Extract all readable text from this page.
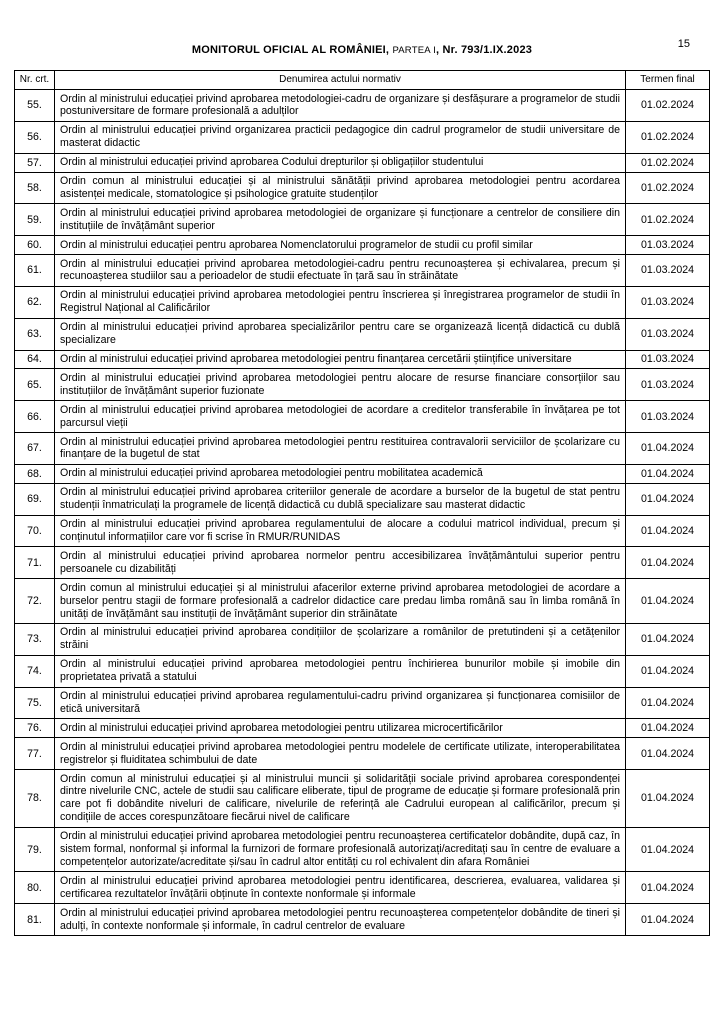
MONITORUL OFICIAL AL ROMÂNIEI, PARTEA I, Nr. 793/1.IX.2023	15
Nr. crt.	Denumirea actului normativ	Termen final
55.	Ordin al ministrului educației privind aprobarea metodologiei-cadru de organizare și desfășurare a programelor de studii postuniversitare de formare profesională a adulților	01.02.2024
56.	Ordin al ministrului educației privind organizarea practicii pedagogice din cadrul programelor de studii universitare de masterat didactic	01.02.2024
57.	Ordin al ministrului educației privind aprobarea Codului drepturilor și obligațiilor studentului	01.02.2024
58.	Ordin comun al ministrului educației și al ministrului sănătății privind aprobarea metodologiei pentru acordarea asistenței medicale, stomatologice și psihologice gratuite studenților	01.02.2024
59.	Ordin al ministrului educației privind aprobarea metodologiei de organizare și funcționare a centrelor de consiliere din instituțiile de învățământ superior	01.02.2024
60.	Ordin al ministrului educației pentru aprobarea Nomenclatorului programelor de studii cu profil similar	01.03.2024
61.	Ordin al ministrului educației privind aprobarea metodologiei-cadru pentru recunoașterea și echivalarea, precum și recunoașterea studiilor sau a perioadelor de studii efectuate în țară sau în străinătate	01.03.2024
62.	Ordin al ministrului educației privind aprobarea metodologiei pentru înscrierea și înregistrarea programelor de studii în Registrul Național al Calificărilor	01.03.2024
63.	Ordin al ministrului educației privind aprobarea specializărilor pentru care se organizează licență didactică cu dublă specializare	01.03.2024
64.	Ordin al ministrului educației privind aprobarea metodologiei pentru finanțarea cercetării științifice universitare	01.03.2024
65.	Ordin al ministrului educației privind aprobarea metodologiei pentru alocare de resurse financiare consorțiilor sau instituțiilor de învățământ superior fuzionate	01.03.2024
66.	Ordin al ministrului educației privind aprobarea metodologiei de acordare a creditelor transferabile în învățarea pe tot parcursul vieții	01.03.2024
67.	Ordin al ministrului educației privind aprobarea metodologiei pentru restituirea contravalorii serviciilor de școlarizare cu finanțare de la bugetul de stat	01.04.2024
68.	Ordin al ministrului educației privind aprobarea metodologiei pentru mobilitatea academică	01.04.2024
69.	Ordin al ministrului educației privind aprobarea criteriilor generale de acordare a burselor de la bugetul de stat pentru studenții înmatriculați la programele de licență didactică cu dublă specializare sau masterat didactic	01.04.2024
70.	Ordin al ministrului educației privind aprobarea regulamentului de alocare a codului matricol individual, precum și conținutul informațiilor care vor fi scrise în RMUR/RUNIDAS	01.04.2024
71.	Ordin al ministrului educației privind aprobarea normelor pentru accesibilizarea învățământului superior pentru persoanele cu dizabilități	01.04.2024
72.	Ordin comun al ministrului educației și al ministrului afacerilor externe privind aprobarea metodologiei de acordare a burselor pentru stagii de formare profesională a cadrelor didactice care predau limba română sau în limba română în unități de învățământ sau instituții de învățământ superior din străinătate	01.04.2024
73.	Ordin al ministrului educației privind aprobarea condițiilor de școlarizare a românilor de pretutindeni și a cetățenilor străini	01.04.2024
74.	Ordin al ministrului educației privind aprobarea metodologiei pentru închirierea bunurilor mobile și imobile din proprietatea privată a statului	01.04.2024
75.	Ordin al ministrului educației privind aprobarea regulamentului-cadru privind organizarea și funcționarea comisiilor de etică universitară	01.04.2024
76.	Ordin al ministrului educației privind aprobarea metodologiei pentru utilizarea microcertificărilor	01.04.2024
77.	Ordin al ministrului educației privind aprobarea metodologiei pentru modelele de certificate utilizate, interoperabilitatea registrelor și fluiditatea schimbului de date	01.04.2024
78.	Ordin comun al ministrului educației și al ministrului muncii și solidarității sociale privind aprobarea corespondenței dintre nivelurile CNC, actele de studii sau calificare eliberate, tipul de programe de educație și formare profesională prin care pot fi dobândite niveluri de calificare, nivelurile de referință ale Cadrului european al calificărilor, precum și condițiile de acces corespunzătoare fiecărui nivel de calificare	01.04.2024
79.	Ordin al ministrului educației privind aprobarea metodologiei pentru recunoașterea certificatelor dobândite, după caz, în sistem formal, nonformal și informal la furnizori de formare profesională autorizați/acreditați sau în centre de evaluare a competențelor autorizate/acreditate și/sau în cadrul altor entități cu rol echivalent din afara României	01.04.2024
80.	Ordin al ministrului educației privind aprobarea metodologiei pentru identificarea, descrierea, evaluarea, validarea și certificarea rezultatelor învățării obținute în contexte nonformale și informale	01.04.2024
81.	Ordin al ministrului educației privind aprobarea metodologiei pentru recunoașterea competențelor dobândite de tineri și adulți, în contexte nonformale și informale, în cadrul centrelor de evaluare	01.04.2024
